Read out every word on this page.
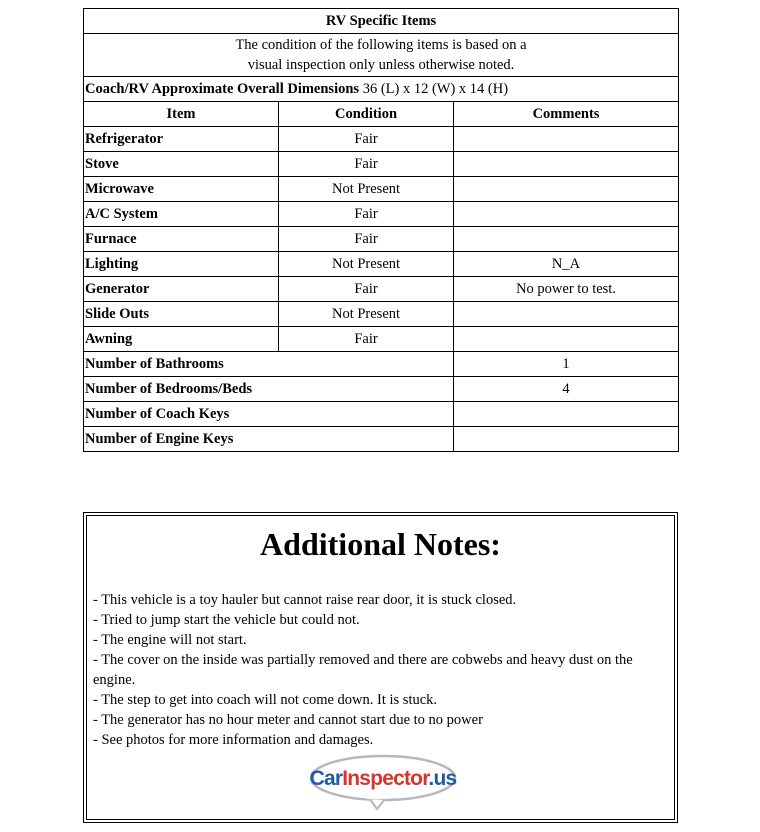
RV Specific Items		

The condition of the following items is based on a
visual inspection only unless otherwise noted.		

Coach/RV Approximate Overall Dimensions 36 (L) x 12 (W) x 14 (H)		
Item	Condition	Comments
Refrigerator	Fair	
Stove	Fair	
Microwave	Not Present	
A/C System	Fair	
Furnace	Fair	
Lighting	Not Present	N_A
Generator	Fair	No power to test.
Slide Outs	Not Present	
Awning	Fair	
Number of Bathrooms		1
Number of Bedrooms/Beds		4
Number of Coach Keys		
Number of Engine Keys		
Additional Notes:
- This vehicle is a toy hauler but cannot raise rear door, it is stuck closed.
- Tried to jump start the vehicle but could not.
- The engine will not start.
- The cover on the inside was partially removed and there are cobwebs and heavy dust on the engine.
- The step to get into coach will not come down. It is stuck.
- The generator has no hour meter and cannot start due to no power
- See photos for more information and damages.
CarInspector.us
